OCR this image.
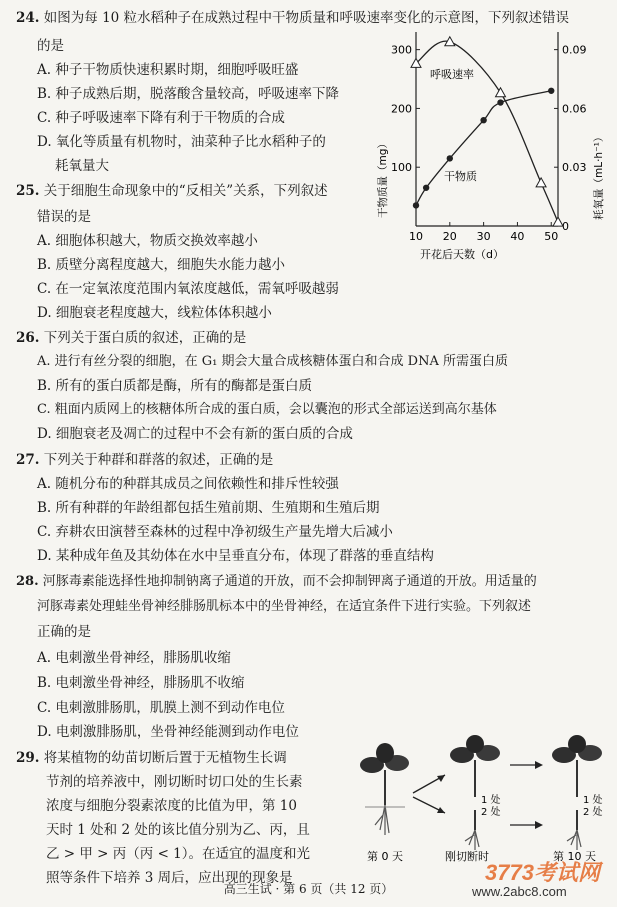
24. 如图为每 10 粒水稻种子在成熟过程中干物质量和呼吸速率变化的示意图，下列叙述错误
的是
A. 种子干物质快速积累时期，细胞呼吸旺盛
B. 种子成熟后期，脱落酸含量较高，呼吸速率下降
C. 种子呼吸速率下降有利于干物质的合成
D. 氧化等质量有机物时，油菜种子比水稻种子的
耗氧量大
10 20 30 40 50
100
200
300
0.03
0.06
0.09
0
呼吸速率
干物质
开花后天数（d）
干物质量（mg）	耗氧量（mL·h⁻¹）
25. 关于细胞生命现象中的“反相关”关系，下列叙述
错误的是
A. 细胞体积越大，物质交换效率越小
B. 质壁分离程度越大，细胞失水能力越小
C. 在一定氧浓度范围内氧浓度越低，需氧呼吸越弱
D. 细胞衰老程度越大，线粒体体积越小
26. 下列关于蛋白质的叙述，正确的是
A. 进行有丝分裂的细胞，在 G₁ 期会大量合成核糖体蛋白和合成 DNA 所需蛋白质
B. 所有的蛋白质都是酶，所有的酶都是蛋白质
C. 粗面内质网上的核糖体所合成的蛋白质，会以囊泡的形式全部运送到高尔基体
D. 细胞衰老及凋亡的过程中不会有新的蛋白质的合成
27. 下列关于种群和群落的叙述，正确的是
A. 随机分布的种群其成员之间依赖性和排斥性较强
B. 所有种群的年龄组都包括生殖前期、生殖期和生殖后期
C. 弃耕农田演替至森林的过程中净初级生产量先增大后减小
D. 某种成年鱼及其幼体在水中呈垂直分布，体现了群落的垂直结构
28. 河豚毒素能选择性地抑制钠离子通道的开放，而不会抑制钾离子通道的开放。用适量的
河豚毒素处理蛙坐骨神经腓肠肌标本中的坐骨神经，在适宜条件下进行实验。下列叙述
正确的是
A. 电刺激坐骨神经，腓肠肌收缩
B. 电刺激坐骨神经，腓肠肌不收缩
C. 电刺激腓肠肌，肌膜上测不到动作电位
D. 电刺激腓肠肌，坐骨神经能测到动作电位
29. 将某植物的幼苗切断后置于无植物生长调
节剂的培养液中，刚切断时切口处的生长素
浓度与细胞分裂素浓度的比值为甲，第 10
天时 1 处和 2 处的该比值分别为乙、丙，且
乙 > 甲 > 丙（丙 < 1）。在适宜的温度和光
照等条件下培养 3 周后，应出现的现象是
1 处
2 处
1 处
2 处
第 0 天	刚切断时	第 10 天
3773考试网
www.2abc8.com
高三生试 · 第 6 页（共 12 页）
